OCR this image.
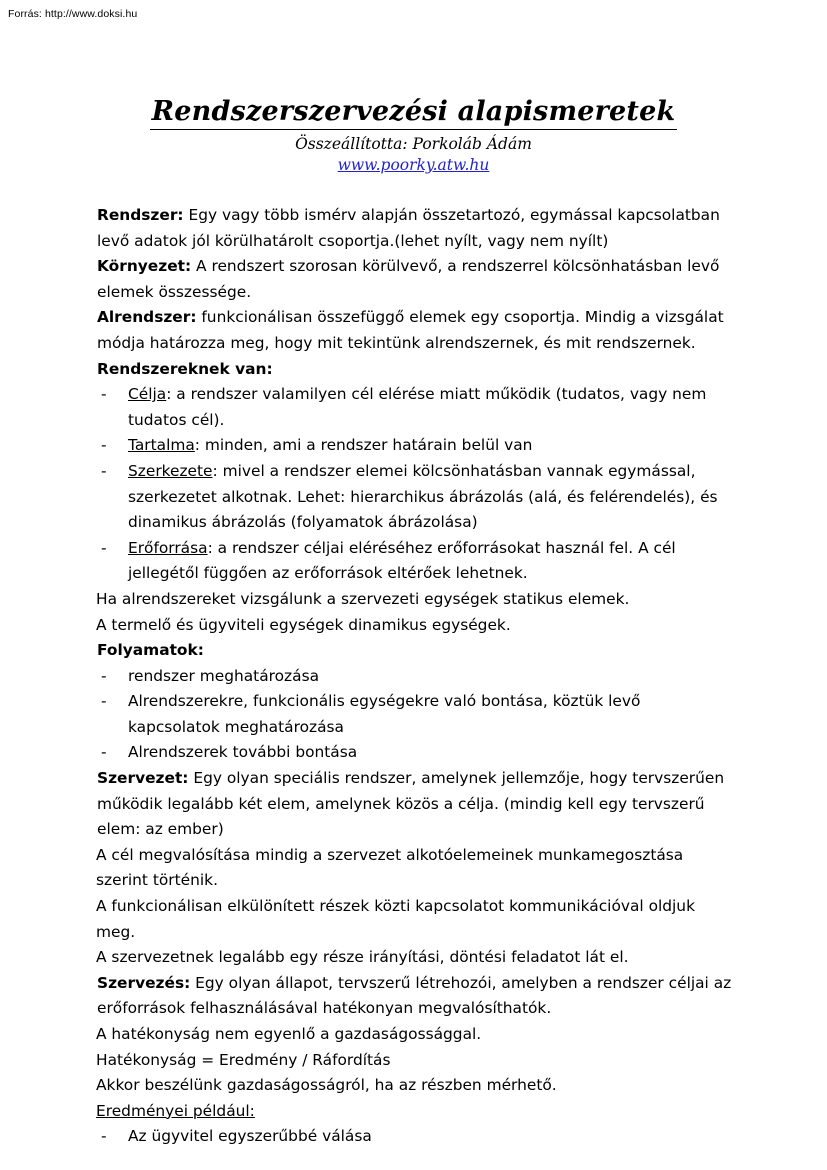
Forrás: http://www.doksi.hu
Rendszerszervezési alapismeretek
Összeállította: Porkoláb Ádám
www.poorky.atw.hu

Rendszer: Egy vagy több ismérv alapján összetartozó, egymással kapcsolatban levő adatok jól körülhatárolt csoportja.(lehet nyílt, vagy nem nyílt)

Környezet: A rendszert szorosan körülvevő, a rendszerrel kölcsönhatásban levő elemek összessége.

Alrendszer: funkcionálisan összefüggő elemek egy csoportja. Mindig a vizsgálat módja határozza meg, hogy mit tekintünk alrendszernek, és mit rendszernek.

Rendszereknek van:

- Célja: a rendszer valamilyen cél elérése miatt működik (tudatos, vagy nem tudatos cél).
- Tartalma: minden, ami a rendszer határain belül van
- Szerkezete: mivel a rendszer elemei kölcsönhatásban vannak egymással, szerkezetet alkotnak. Lehet: hierarchikus ábrázolás (alá, és felérendelés), és dinamikus ábrázolás (folyamatok ábrázolása)
- Erőforrása: a rendszer céljai eléréséhez erőforrásokat használ fel. A cél jellegétől függően az erőforrások eltérőek lehetnek.

Ha alrendszereket vizsgálunk a szervezeti egységek statikus elemek.

A termelő és ügyviteli egységek dinamikus egységek.

Folyamatok:

- rendszer meghatározása
- Alrendszerekre, funkcionális egységekre való bontása, köztük levő kapcsolatok meghatározása
- Alrendszerek további bontása

Szervezet: Egy olyan speciális rendszer, amelynek jellemzője, hogy tervszerűen működik legalább két elem, amelynek közös a célja. (mindig kell egy tervszerű elem: az ember)

A cél megvalósítása mindig a szervezet alkotóelemeinek munkamegosztása szerint történik.

A funkcionálisan elkülönített részek közti kapcsolatot kommunikációval oldjuk meg.

A szervezetnek legalább egy része irányítási, döntési feladatot lát el.

Szervezés: Egy olyan állapot, tervszerű létrehozói, amelyben a rendszer céljai az erőforrások felhasználásával hatékonyan megvalósíthatók.

A hatékonyság nem egyenlő a gazdaságossággal.

Hatékonyság = Eredmény / Ráfordítás

Akkor beszélünk gazdaságosságról, ha az részben mérhető.

Eredményei például:

- Az ügyvitel egyszerűbbé válása
